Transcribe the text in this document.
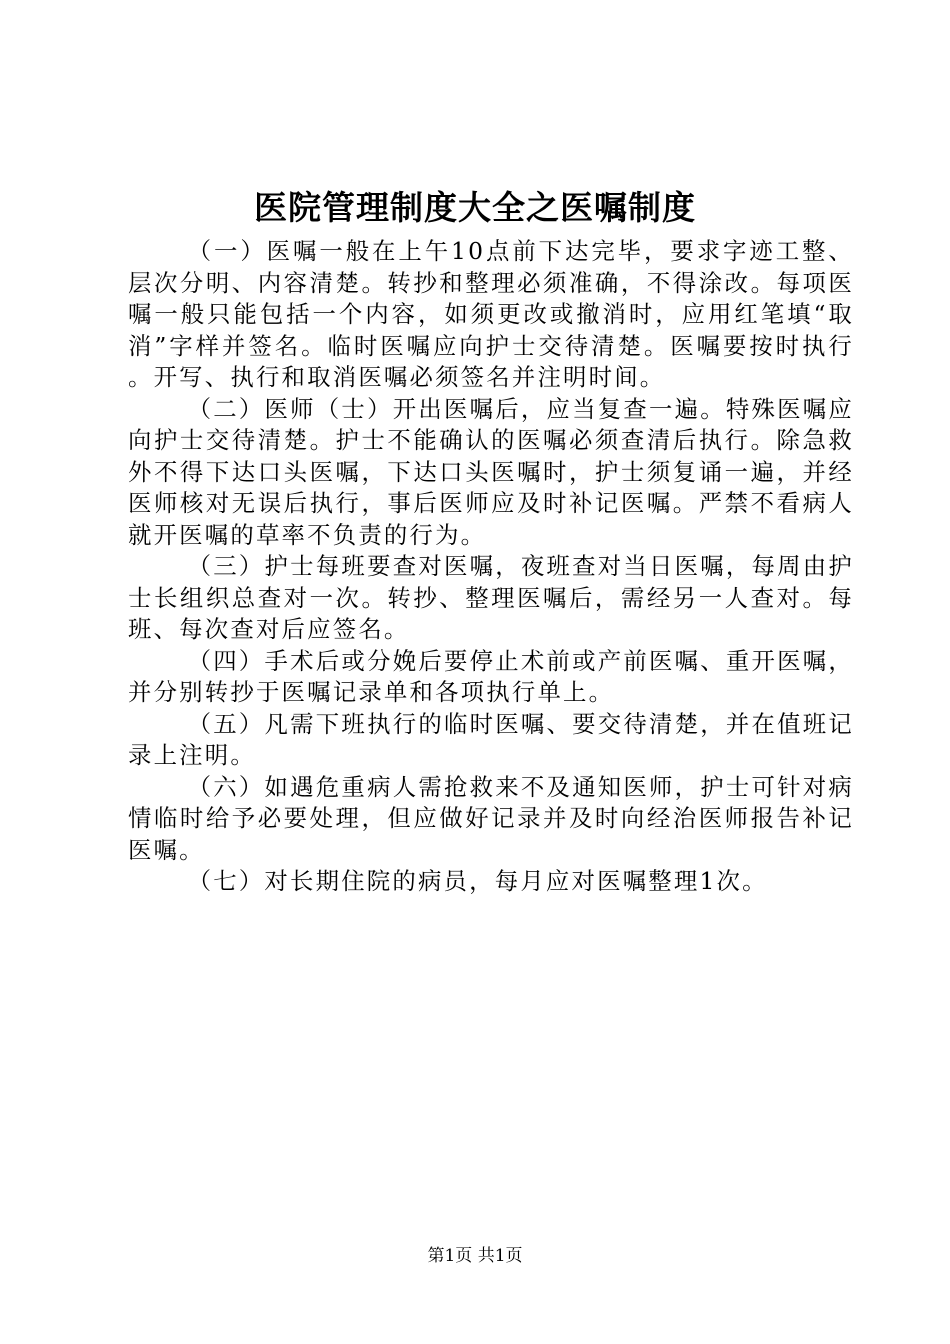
医院管理制度大全之医嘱制度

（一）医嘱一般在上午10点前下达完毕，要求字迹工整、层次分明、内容清楚。转抄和整理必须准确，不得涂改。每项医嘱一般只能包括一个内容，如须更改或撤消时，应用红笔填“取消”字样并签名。临时医嘱应向护士交待清楚。医嘱要按时执行。开写、执行和取消医嘱必须签名并注明时间。

（二）医师（士）开出医嘱后，应当复查一遍。特殊医嘱应向护士交待清楚。护士不能确认的医嘱必须查清后执行。除急救外不得下达口头医嘱，下达口头医嘱时，护士须复诵一遍，并经医师核对无误后执行，事后医师应及时补记医嘱。严禁不看病人就开医嘱的草率不负责的行为。

（三）护士每班要查对医嘱，夜班查对当日医嘱，每周由护士长组织总查对一次。转抄、整理医嘱后，需经另一人查对。每班、每次查对后应签名。

（四）手术后或分娩后要停止术前或产前医嘱、重开医嘱，并分别转抄于医嘱记录单和各项执行单上。

（五）凡需下班执行的临时医嘱、要交待清楚，并在值班记录上注明。

（六）如遇危重病人需抢救来不及通知医师，护士可针对病情临时给予必要处理，但应做好记录并及时向经治医师报告补记医嘱。

（七）对长期住院的病员，每月应对医嘱整理1次。

第1页 共1页
